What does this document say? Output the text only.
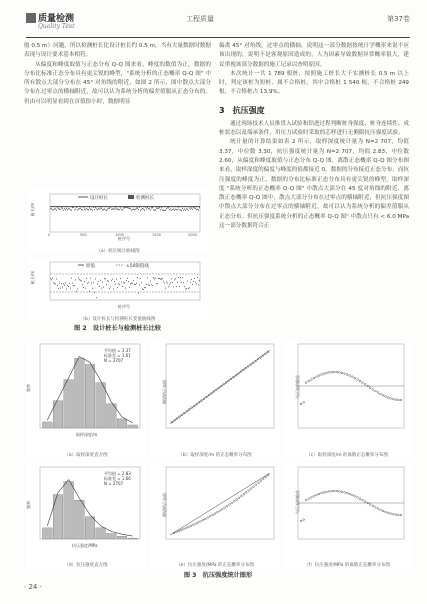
质量检测
Quality Test
工程质量	第37卷

般 0.5 m）问题，所以检测桩长比设计桩长约 0.5 m，当有大量数据时数据表现与设计要求基本相符。

从偏度和峰度取值与正态分布 Q-Q 图来看，峰度的数值为正，数据的分布比标准正态分布具有更尖锐的峰型，"系统分析的正态概率 Q-Q 图" 中所有散点大部分分布在 45° 对角线的附近，如图 2 所示，图中散点大部分分布在过零点的横轴附近，故可以认为系统分析的偏差值服从正态分布的。但由可以明显看到在首值很小时，数据明显

偏离 45° 对角线，过零点的横轴，说明这一部分数据按统计学概率来说不应该出现的，说明不是客观原因造成的，人为因素导致数据异常概率很大，建议重视该部分数据的施工记录以查明原因。

本次统计一共 1 789 根桩，按照施工桩长大于实测桩长 0.5 m 以上时，判定该桩为短桩，属不合格桩，其中合格桩 1 540 根，不合格桩 249 根，不合格桩占 13.9%。

3　抗压强度

通过现场技术人员推贯入试验和钻进过程判断桩身强度、桩身连续性、成桩状态以及端承条件，用压力试验时采取的芯样进行无侧限抗压强度试验。

统计量的计算结果如表 2 所示，取样深度统计量为 N=2 707，均值 3.37，中位数 3.30，抗压强度统计量为 N=2 707，均值 2.83，中位数 2.60，从偏度和峰度取值与正态分布 Q-Q 图、离散正态概率 Q-Q 图分布图来看，取样深度的偏度与峰度的值都接近 0，数据的分布接近正态分布，而抗压强度的峰度为正，数据的分布比标准正态分布具有更尖锐的峰型，取样深度 "系统分析的正态概率 Q-Q 图" 中散点大部分在 45 度对角线的附近，离散正态概率 Q-Q 图中，散点大部分分布在过零点的横轴附近，但抗压强度图中散点大部分分布在过零点的横轴附近，故可以认为系统分析的偏差值服从正态分布。但抗压强度系统分析的正态概率 Q-Q 图" 中散点只有 < 6.0 MPa 这一部分数据符合正

设计桩长	检测桩长
桩长/m
桩序号
0	500	1000	1500	2000
（a）桩长统计曲线图
原值	±50限值线
桩长/m
桩序号
（b）设计桩长与检测桩长变值曲线图
图 2　设计桩长与检测桩长比较
平均值 = 3.37
标准差 = 1.61
N = 2707
频率
取样深度/m
（a）取样深度直方图
期望的正态值
（b）取样深度/m 的正态概率分布图
与正态的偏差
（c）取样深度/m 的离散正态概率分布图
平均值 = 2.83
标准差 = 1.66
N = 2707
频率
抗压强度/MPa
（d）抗压强度直方图
期望的正态值
（e）抗压强度/MPa 的正态概率分布图
与正态的偏差
（f）抗压强度/MPa 的离散正态概率分布图
图 3　抗压强度统计图形
· 24 ·
